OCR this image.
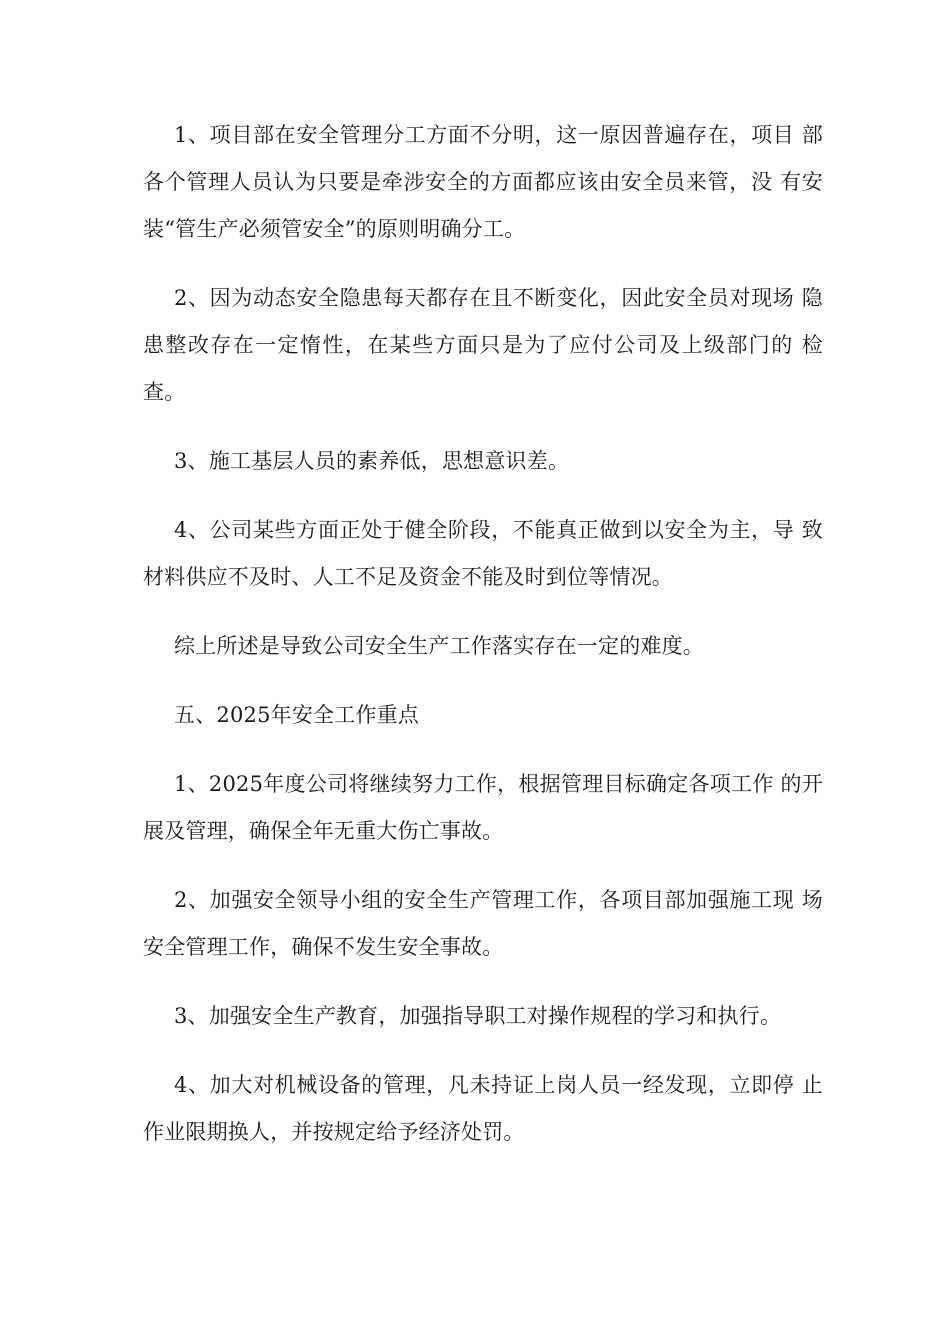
1、项目部在安全管理分工方面不分明，这一原因普遍存在，项目 部各个管理人员认为只要是牵涉安全的方面都应该由安全员来管，没 有安装“管生产必须管安全”的原则明确分工。

2、因为动态安全隐患每天都存在且不断变化，因此安全员对现场 隐患整改存在一定惰性，在某些方面只是为了应付公司及上级部门的 检查。

3、施工基层人员的素养低，思想意识差。

4、公司某些方面正处于健全阶段，不能真正做到以安全为主，导 致材料供应不及时、人工不足及资金不能及时到位等情况。

综上所述是导致公司安全生产工作落实存在一定的难度。

五、2025年安全工作重点

1、2025年度公司将继续努力工作，根据管理目标确定各项工作 的开展及管理，确保全年无重大伤亡事故。

2、加强安全领导小组的安全生产管理工作，各项目部加强施工现 场安全管理工作，确保不发生安全事故。

3、加强安全生产教育，加强指导职工对操作规程的学习和执行。

4、加大对机械设备的管理，凡未持证上岗人员一经发现，立即停 止作业限期换人，并按规定给予经济处罚。
